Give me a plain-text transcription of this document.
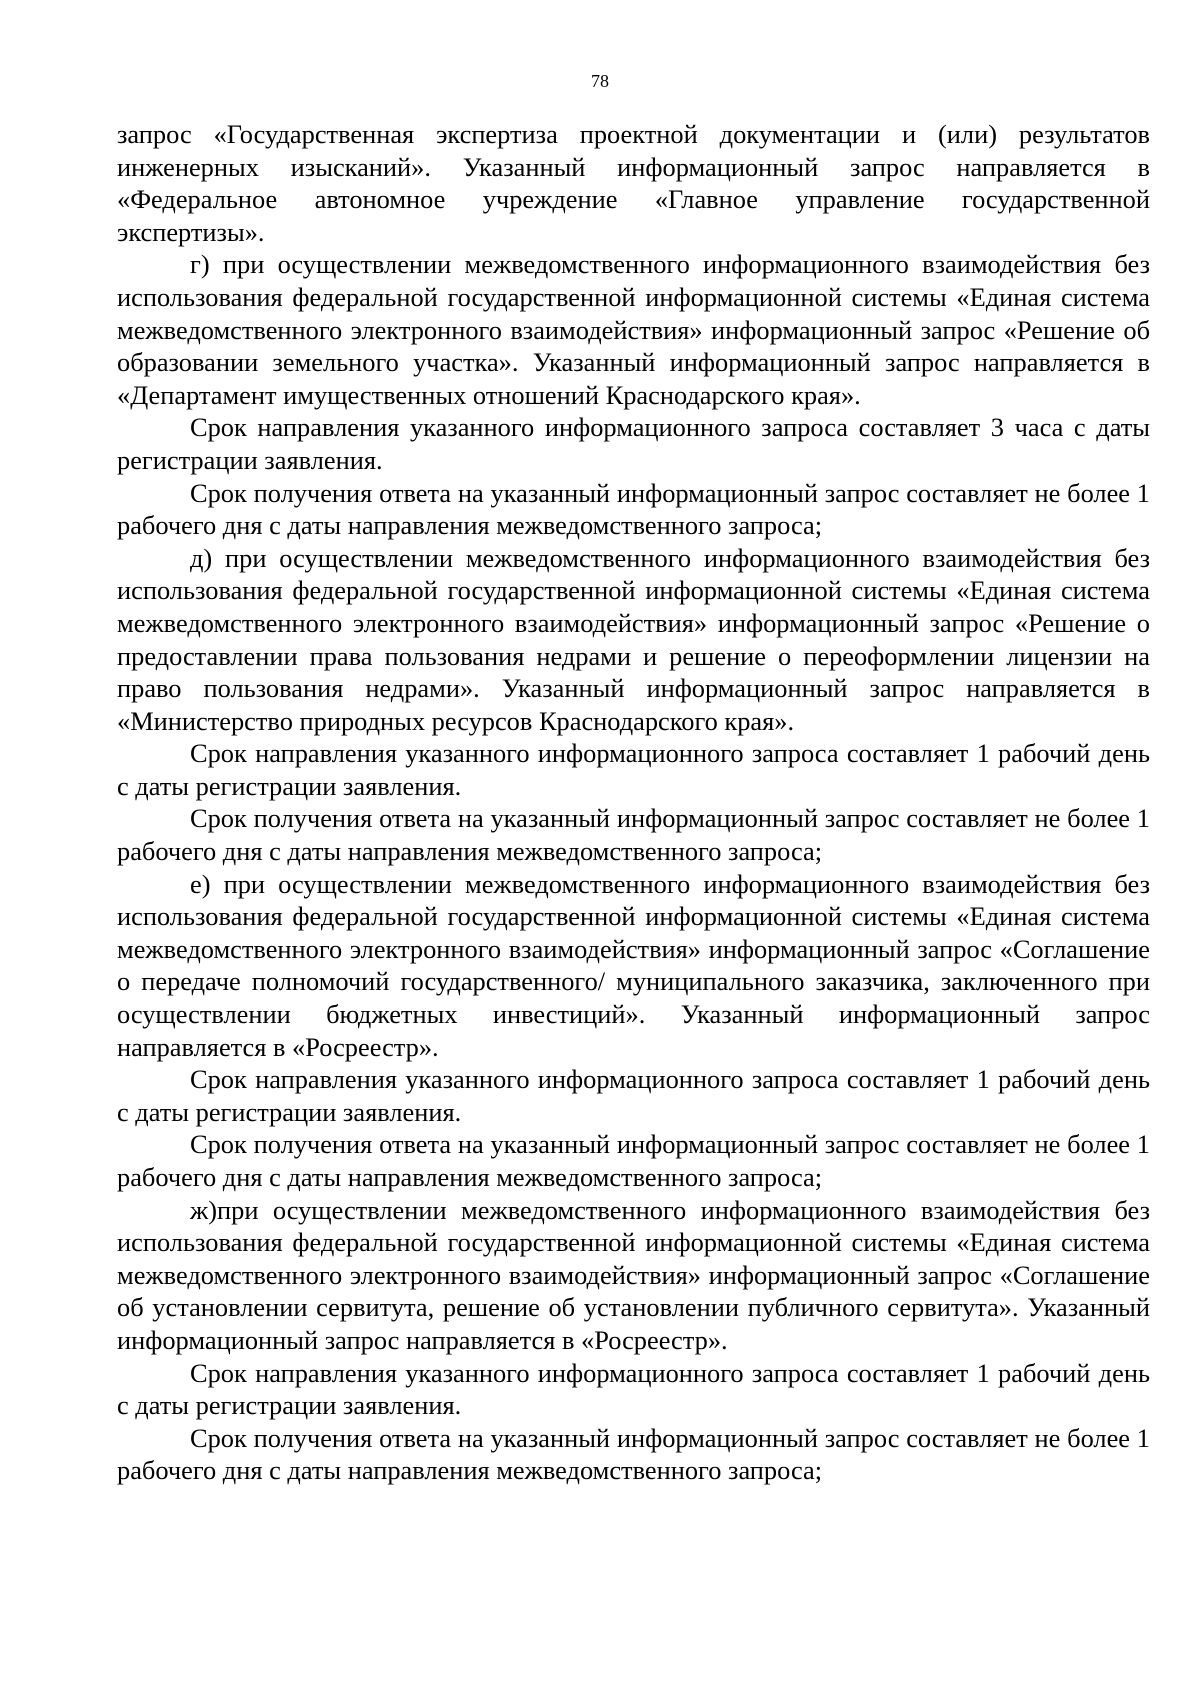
78

запрос «Государственная экспертиза проектной документации и (или) результатов инженерных изысканий». Указанный информационный запрос направляется в «Федеральное автономное учреждение «Главное управление государственной экспертизы».

г) при осуществлении межведомственного информационного взаимодействия без использования федеральной государственной информационной системы «Единая система межведомственного электронного взаимодействия» информационный запрос «Решение об образовании земельного участка». Указанный информационный запрос направляется в «Департамент имущественных отношений Краснодарского края».

Срок направления указанного информационного запроса составляет 3 часа с даты регистрации заявления.

Срок получения ответа на указанный информационный запрос составляет не более 1 рабочего дня с даты направления межведомственного запроса;

д) при осуществлении межведомственного информационного взаимодействия без использования федеральной государственной информационной системы «Единая система межведомственного электронного взаимодействия» информационный запрос «Решение о предоставлении права пользования недрами и решение о переоформлении лицензии на право пользования недрами». Указанный информационный запрос направляется в «Министерство природных ресурсов Краснодарского края».

Срок направления указанного информационного запроса составляет 1 рабочий день с даты регистрации заявления.

Срок получения ответа на указанный информационный запрос составляет не более 1 рабочего дня с даты направления межведомственного запроса;

е) при осуществлении межведомственного информационного взаимодействия без использования федеральной государственной информационной системы «Единая система межведомственного электронного взаимодействия» информационный запрос «Соглашение о передаче полномочий государственного/ муниципального заказчика, заключенного при осуществлении бюджетных инвестиций». Указанный информационный запрос направляется в «Росреестр».

Срок направления указанного информационного запроса составляет 1 рабочий день с даты регистрации заявления.

Срок получения ответа на указанный информационный запрос составляет не более 1 рабочего дня с даты направления межведомственного запроса;

ж)при осуществлении межведомственного информационного взаимодействия без использования федеральной государственной информационной системы «Единая система межведомственного электронного взаимодействия» информационный запрос «Соглашение об установлении сервитута, решение об установлении публичного сервитута». Указанный информационный запрос направляется в «Росреестр».

Срок направления указанного информационного запроса составляет 1 рабочий день с даты регистрации заявления.

Срок получения ответа на указанный информационный запрос составляет не более 1 рабочего дня с даты направления межведомственного запроса;
